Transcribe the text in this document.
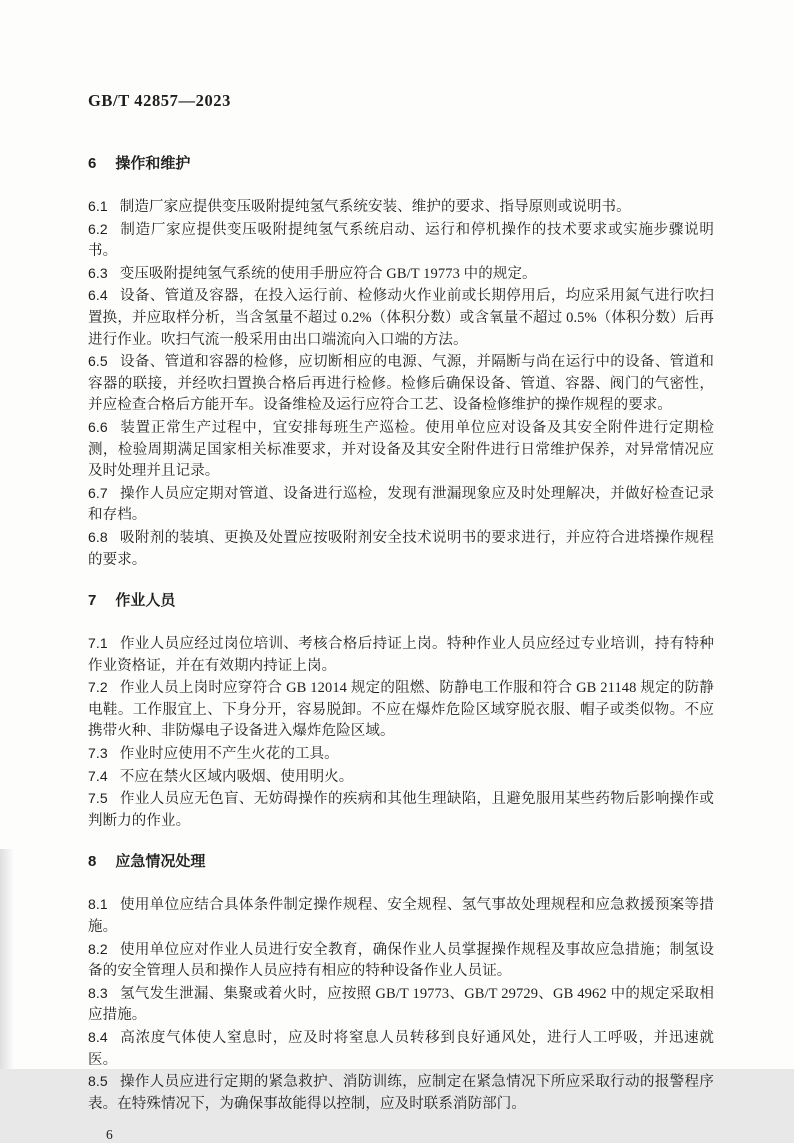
GB/T 42857—2023
6 操作和维护

6.1 制造厂家应提供变压吸附提纯氢气系统安装、维护的要求、指导原则或说明书。

6.2 制造厂家应提供变压吸附提纯氢气系统启动、运行和停机操作的技术要求或实施步骤说明书。

6.3 变压吸附提纯氢气系统的使用手册应符合 GB/T 19773 中的规定。

6.4 设备、管道及容器，在投入运行前、检修动火作业前或长期停用后，均应采用氮气进行吹扫置换，并应取样分析，当含氢量不超过 0.2%（体积分数）或含氧量不超过 0.5%（体积分数）后再进行作业。吹扫气流一般采用由出口端流向入口端的方法。

6.5 设备、管道和容器的检修，应切断相应的电源、气源，并隔断与尚在运行中的设备、管道和容器的联接，并经吹扫置换合格后再进行检修。检修后确保设备、管道、容器、阀门的气密性，并应检查合格后方能开车。设备维检及运行应符合工艺、设备检修维护的操作规程的要求。

6.6 装置正常生产过程中，宜安排每班生产巡检。使用单位应对设备及其安全附件进行定期检测，检验周期满足国家相关标准要求，并对设备及其安全附件进行日常维护保养，对异常情况应及时处理并且记录。

6.7 操作人员应定期对管道、设备进行巡检，发现有泄漏现象应及时处理解决，并做好检查记录和存档。

6.8 吸附剂的装填、更换及处置应按吸附剂安全技术说明书的要求进行，并应符合进塔操作规程的要求。

7 作业人员

7.1 作业人员应经过岗位培训、考核合格后持证上岗。特种作业人员应经过专业培训，持有特种作业资格证，并在有效期内持证上岗。

7.2 作业人员上岗时应穿符合 GB 12014 规定的阻燃、防静电工作服和符合 GB 21148 规定的防静电鞋。工作服宜上、下身分开，容易脱卸。不应在爆炸危险区域穿脱衣服、帽子或类似物。不应携带火种、非防爆电子设备进入爆炸危险区域。

7.3 作业时应使用不产生火花的工具。

7.4 不应在禁火区域内吸烟、使用明火。

7.5 作业人员应无色盲、无妨碍操作的疾病和其他生理缺陷，且避免服用某些药物后影响操作或判断力的作业。

8 应急情况处理

8.1 使用单位应结合具体条件制定操作规程、安全规程、氢气事故处理规程和应急救援预案等措施。

8.2 使用单位应对作业人员进行安全教育，确保作业人员掌握操作规程及事故应急措施；制氢设备的安全管理人员和操作人员应持有相应的特种设备作业人员证。

8.3 氢气发生泄漏、集聚或着火时，应按照 GB/T 19773、GB/T 29729、GB 4962 中的规定采取相应措施。

8.4 高浓度气体使人窒息时，应及时将窒息人员转移到良好通风处，进行人工呼吸，并迅速就医。

8.5 操作人员应进行定期的紧急救护、消防训练，应制定在紧急情况下所应采取行动的报警程序表。在特殊情况下，为确保事故能得以控制，应及时联系消防部门。

6
